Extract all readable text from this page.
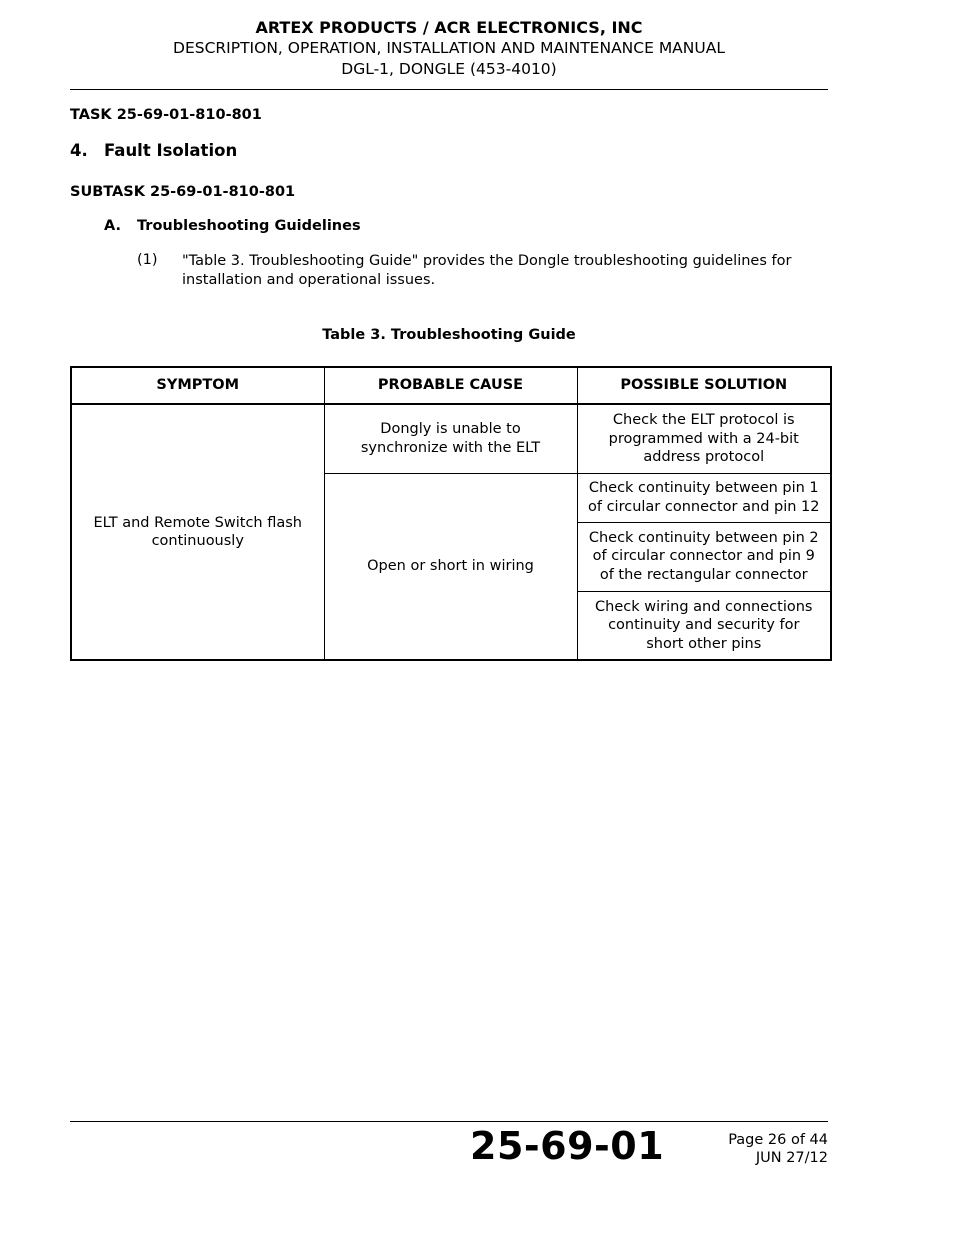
ARTEX PRODUCTS / ACR ELECTRONICS, INC
DESCRIPTION, OPERATION, INSTALLATION AND MAINTENANCE MANUAL
DGL-1, DONGLE (453-4010)
TASK 25-69-01-810-801
4. Fault Isolation
SUBTASK 25-69-01-810-801
A. Troubleshooting Guidelines
(1) "Table 3. Troubleshooting Guide" provides the Dongle troubleshooting guidelines for
installation and operational issues.
Table 3. Troubleshooting Guide
SYMPTOM	PROBABLE CAUSE	POSSIBLE SOLUTION
ELT and Remote Switch flash continuously	Dongly is unable to synchronize with the ELT	Check the ELT protocol is programmed with a 24-bit address protocol
	Open or short in wiring	Check continuity between pin 1 of circular connector and pin 12
		Check continuity between pin 2 of circular connector and pin 9 of the rectangular connector
		Check wiring and connections continuity and security for short other pins
25-69-01	Page 26 of 44
JUN 27/12
